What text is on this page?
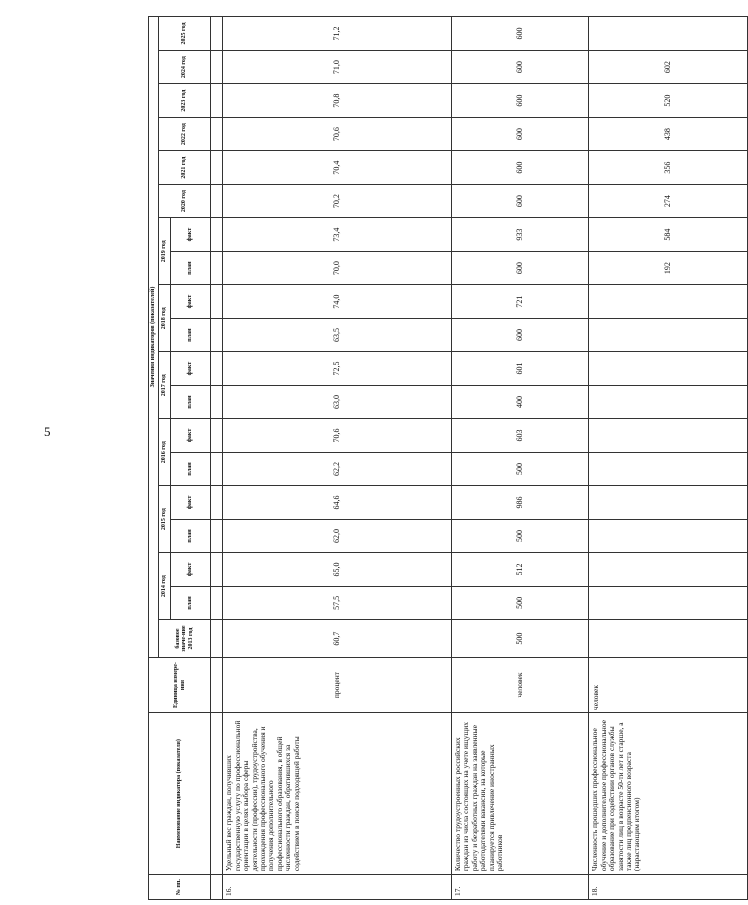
5
№ пп.	Наименование индикатора (показателя)	Единица измере-ния	Значения индикаторов (показателей)																		
			базовое значе-ние 2013 год	2014 год		2015 год		2016 год		2017 год		2018 год		2019 год		2020 год	2021 год	2022 год	2023 год	2024 год	2025 год
				план	факт	план	факт	план	факт	план	факт	план	факт	план	факт						

16.	Удельный вес граждан, получивших государственную услугу по профессиональной ориентации в целях выбора сферы деятельности (профессии), трудоустройства, прохождения профессионального обучения и получения дополнительного профессионального образования, в общей численности граждан, обратившихся за содействием в поиске подходящей работы	процент	60,7	57,5	65,0	62,0	64,6	62,2	70,6	63,0	72,5	63,5	74,0	70,0	73,4	70,2	70,4	70,6	70,8	71,0	71,2
17.	Количество трудоустроенных российских граждан из числа состоящих на учете ищущих работу и безработных граждан на заявленные работодателями вакансии, на которые планируется привлечение иностранных работников	человек	500	500	512	500	986	500	603	400	601	600	721	600	933	600	600	600	600	600	600
18.	Численность прошедших профессиональное обучение и дополнительное профессиональное образование при содействии органов службы занятости лиц в возрасте 50-ти лет и старше, а также лиц предпенсионного возраста (нарастающим итогом)	человек												192	584	274	356	438	520	602	
